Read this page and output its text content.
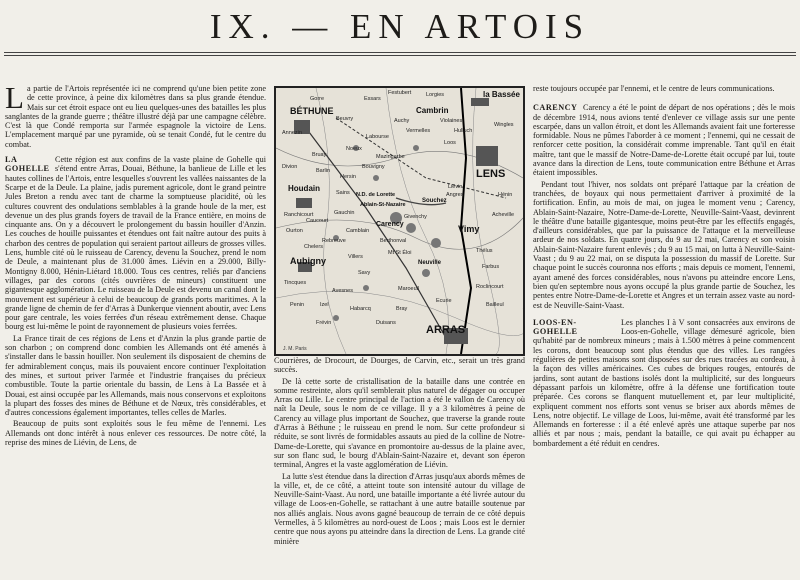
IX. — EN ARTOIS

La partie de l'Artois représentée ici ne comprend qu'une bien petite zone de cette province, à peine dix kilomètres dans sa plus grande étendue. Mais sur cet étroit espace ont eu lieu quelques-unes des batailles les plus sanglantes de la grande guerre ; théâtre illustré déjà par une campagne célèbre. C'est là que Condé remporta sur l'armée espagnole la victoire de Lens. L'emplacement marqué par une pyramide, où se tenait Condé, fut le centre du combat.

LA GOHELLE
Cette région est aux confins de la vaste plaine de Gohelle qui s'étend entre Arras, Douai, Béthune, la banlieue de Lille et les hautes collines de l'Artois, entre lesquelles s'ouvrent les vallées naissantes de la Scarpe et de la Deule. La plaine, jadis purement agricole, dont le grand peintre Jules Breton a rendu avec tant de charme la somptueuse placidité, où les cultures couvrent des ondulations semblables à la grande houle de la mer, est devenue un des plus grands foyers de travail de la France entière, en moins de cinquante ans. On y a découvert le prolongement du bassin houiller d'Anzin. Les couches de houille puissantes et étendues ont fait naître autour des puits à charbon des centres de population qui seraient partout ailleurs de grosses villes. Lens, humble cité où le ruisseau de Carency, devenu la Souchez, prend le nom de Deule, a maintenant plus de 31.000 âmes. Liévin en a 29.000, Billy-Montigny 8.000, Hénin-Liétard 18.000. Tous ces centres, reliés par d'anciens villages, par des corons (cités ouvrières de mineurs) constituent une gigantesque agglomération. Le ruisseau de la Deule est devenu un canal dont le mouvement est supérieur à celui de beaucoup de grands ports maritimes. A la grande ligne de chemin de fer d'Arras à Dunkerque viennent aboutir, avec Lens pour gare centrale, les voies ferrées d'un réseau extrêmement dense. Chaque bourg est lui-même le point de rayonnement de plusieurs voies ferrées.

La France tirait de ces régions de Lens et d'Anzin la plus grande partie de son charbon ; on comprend donc combien les Allemands ont été amenés à s'installer dans le bassin houiller. Non seulement ils disposaient de chemins de fer admirablement conçus, mais ils pouvaient encore continuer l'exploitation des mines, et surtout priver l'armée et l'industrie françaises du précieux combustible. Toute la partie orientale du bassin, de Lens à La Bassée et à Douai, est ainsi occupée par les Allemands, mais nous conservons et exploitons la plupart des fosses des mines de Béthune et de Nœux, très considérables, et d'autres concessions également importantes, telles celles de Marles.

Beaucoup de puits sont exploités sous le feu même de l'ennemi. Les Allemands ont donc intérêt à nous enlever ces ressources. De notre côté, la reprise des mines de Liévin, de Lens, de

la Bassée
BÉTHUNE	Cambrin
LENS
Houdain
N.D. de Lorette
Ablain-St-Nazaire
Souchez
Carency	Vimy
Aubigny	Neuville
ARRAS
Essars
Festubert
Beuvry
Annezin	Vermelles
Labourse
Noeux
Loos
Hulluch
Liévin
Bruay
Barlin
Hersin
Angres
Givenchy
Thélus
Roclincourt
Mt St Éloi
Bray
Habarcq
Duisans
Avesnes	Maroeuil
Berthonval
Savy
Izel
Penin
Tincques
Villers
Frévin
Camblain
Gauchin
Rebreuve
Ranchicourt
Divion
Ourton
Mazingarbe
Wingles
Lorgies
Gorre
Violaines
Auchy
Acheville
Farbus
Hénin
Ecurie
Bailleul
Sains
Caucourt
Chelers
Bouvigny
J. M. Paris

Courrières, de Drocourt, de Dourges, de Carvin, etc., serait un très grand succès.

De là cette sorte de cristallisation de la bataille dans une contrée en somme restreinte, alors qu'il semblerait plus naturel de dégager ou occuper Arras ou Lille. Le centre principal de l'action a été le vallon de Carency où naît la Deule, sous le nom de ce village. Il y a 3 kilomètres à peine de Carency au village plus important de Souchez, que traverse la grande route d'Arras à Béthune ; le ruisseau en prend le nom. Sur cette profondeur si réduite, se sont livrés de formidables assauts au pied de la colline de Notre-Dame-de-Lorette, qui s'avance en promontoire au-dessus de la plaine avec, sur son flanc sud, le bourg d'Ablain-Saint-Nazaire et, devant son éperon terminal, Angres et la vaste agglomération de Liévin.

La lutte s'est étendue dans la direction d'Arras jusqu'aux abords mêmes de la ville, et, de ce côté, a atteint toute son intensité autour du village de Neuville-Saint-Vaast. Au nord, une bataille importante a été livrée autour du village de Loos-en-Gohelle, se rattachant à une autre bataille soutenue par nos alliés anglais. Nous avons gagné beaucoup de terrain de ce côté depuis Vermelles, à 5 kilomètres au nord-ouest de Loos ; mais Loos est le dernier centre que nous ayons pu atteindre dans la direction de Lens. La grande cité minière

reste toujours occupée par l'ennemi, et le centre de leurs communications.

CARENCY Carency a été le point de départ de nos opérations ; dès le mois de décembre 1914, nous avions tenté d'enlever ce village assis sur une pente escarpée, dans un vallon étroit, et dont les Allemands avaient fait une forteresse formidable. Nous ne pûmes l'aborder à ce moment ; l'ennemi, qui ne cessait de renforcer cette position, la considérait comme imprenable. Tant qu'il en était maître, tant que le massif de Notre-Dame-de-Lorette était occupé par lui, toute avance dans la direction de Lens, toute communication entre Béthune et Arras étaient impossibles.

Pendant tout l'hiver, nos soldats ont préparé l'attaque par la création de tranchées, de boyaux qui nous permettaient d'arriver à proximité de la fortification. Enfin, au mois de mai, on jugea le moment venu ; Carency, Ablain-Saint-Nazaire, Notre-Dame-de-Lorette, Neuville-Saint-Vaast, devinrent le théâtre d'une bataille gigantesque, moins peut-être par les effectifs engagés, d'ailleurs considérables, que par la puissance de l'attaque et la merveilleuse ardeur de nos soldats. En quatre jours, du 9 au 12 mai, Carency et son voisin Ablain-Saint-Nazaire furent enlevés ; du 9 au 15 mai, on lutta à Neuville-Saint-Vaast ; du 9 au 22 mai, on se disputa la possession du massif de Lorette. Sur chaque point le succès couronna nos efforts ; mais depuis ce moment, l'ennemi, ayant amené des forces considérables, nous n'avons pu atteindre encore Lens, bien qu'en septembre nous ayons occupé la plus grande partie de Souchez, les pentes entre Notre-Dame-de-Lorette et Angres et un terrain assez vaste au nord-est de Neuville-Saint-Vaast.

LOOS-EN-GOHELLE
Les planches I à V sont consacrées aux environs de Loos-en-Gohelle, village démesuré agricole, bien qu'habité par de nombreux mineurs ; mais à 1.500 mètres à peine commencent les corons, dont beaucoup sont plus étendus que des villes. Les rangées régulières de petites maisons sont disposées sur des rues tracées au cordeau, à la façon des villes américaines. Ces cubes de briques rouges, entourés de jardins, sont autant de bastions isolés dont la multiplicité, sur des longueurs dépassant parfois un kilomètre, offre à la défense une fortification toute préparée. Ces corons se flanquent mutuellement et, par leur multiplicité, expliquent comment nos efforts sont venus se briser aux abords mêmes de Lens, notre objectif. Le village de Loos, lui-même, avait été transformé par les Allemands en forteresse : il a été enlevé après une attaque superbe par nos alliés et par nous ; mais, pendant la bataille, ce qui avait pu échapper au bombardement a été réduit en cendres.
